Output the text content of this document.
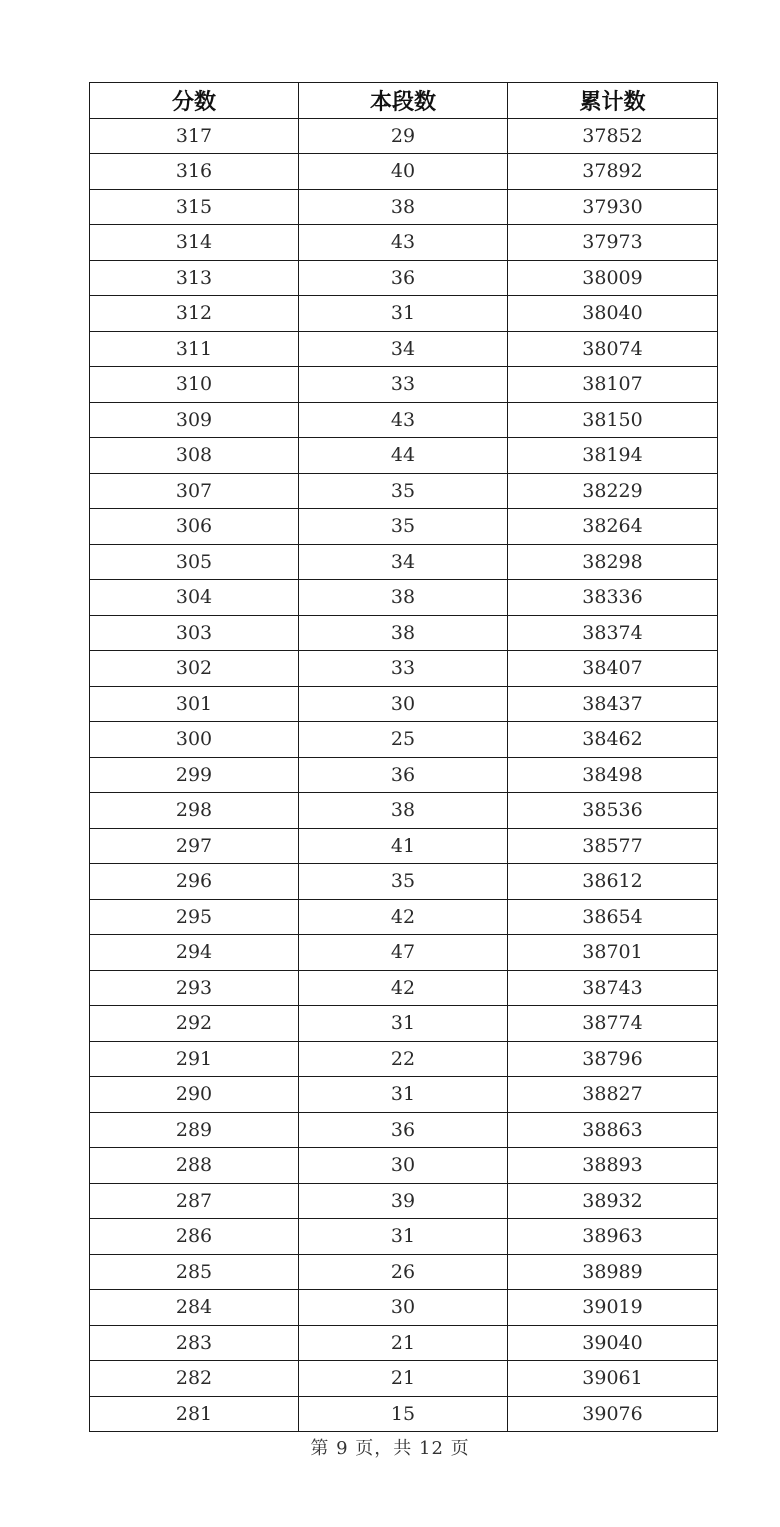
分数	本段数	累计数
317	29	37852
316	40	37892
315	38	37930
314	43	37973
313	36	38009
312	31	38040
311	34	38074
310	33	38107
309	43	38150
308	44	38194
307	35	38229
306	35	38264
305	34	38298
304	38	38336
303	38	38374
302	33	38407
301	30	38437
300	25	38462
299	36	38498
298	38	38536
297	41	38577
296	35	38612
295	42	38654
294	47	38701
293	42	38743
292	31	38774
291	22	38796
290	31	38827
289	36	38863
288	30	38893
287	39	38932
286	31	38963
285	26	38989
284	30	39019
283	21	39040
282	21	39061
281	15	39076
第 9 页，共 12 页
